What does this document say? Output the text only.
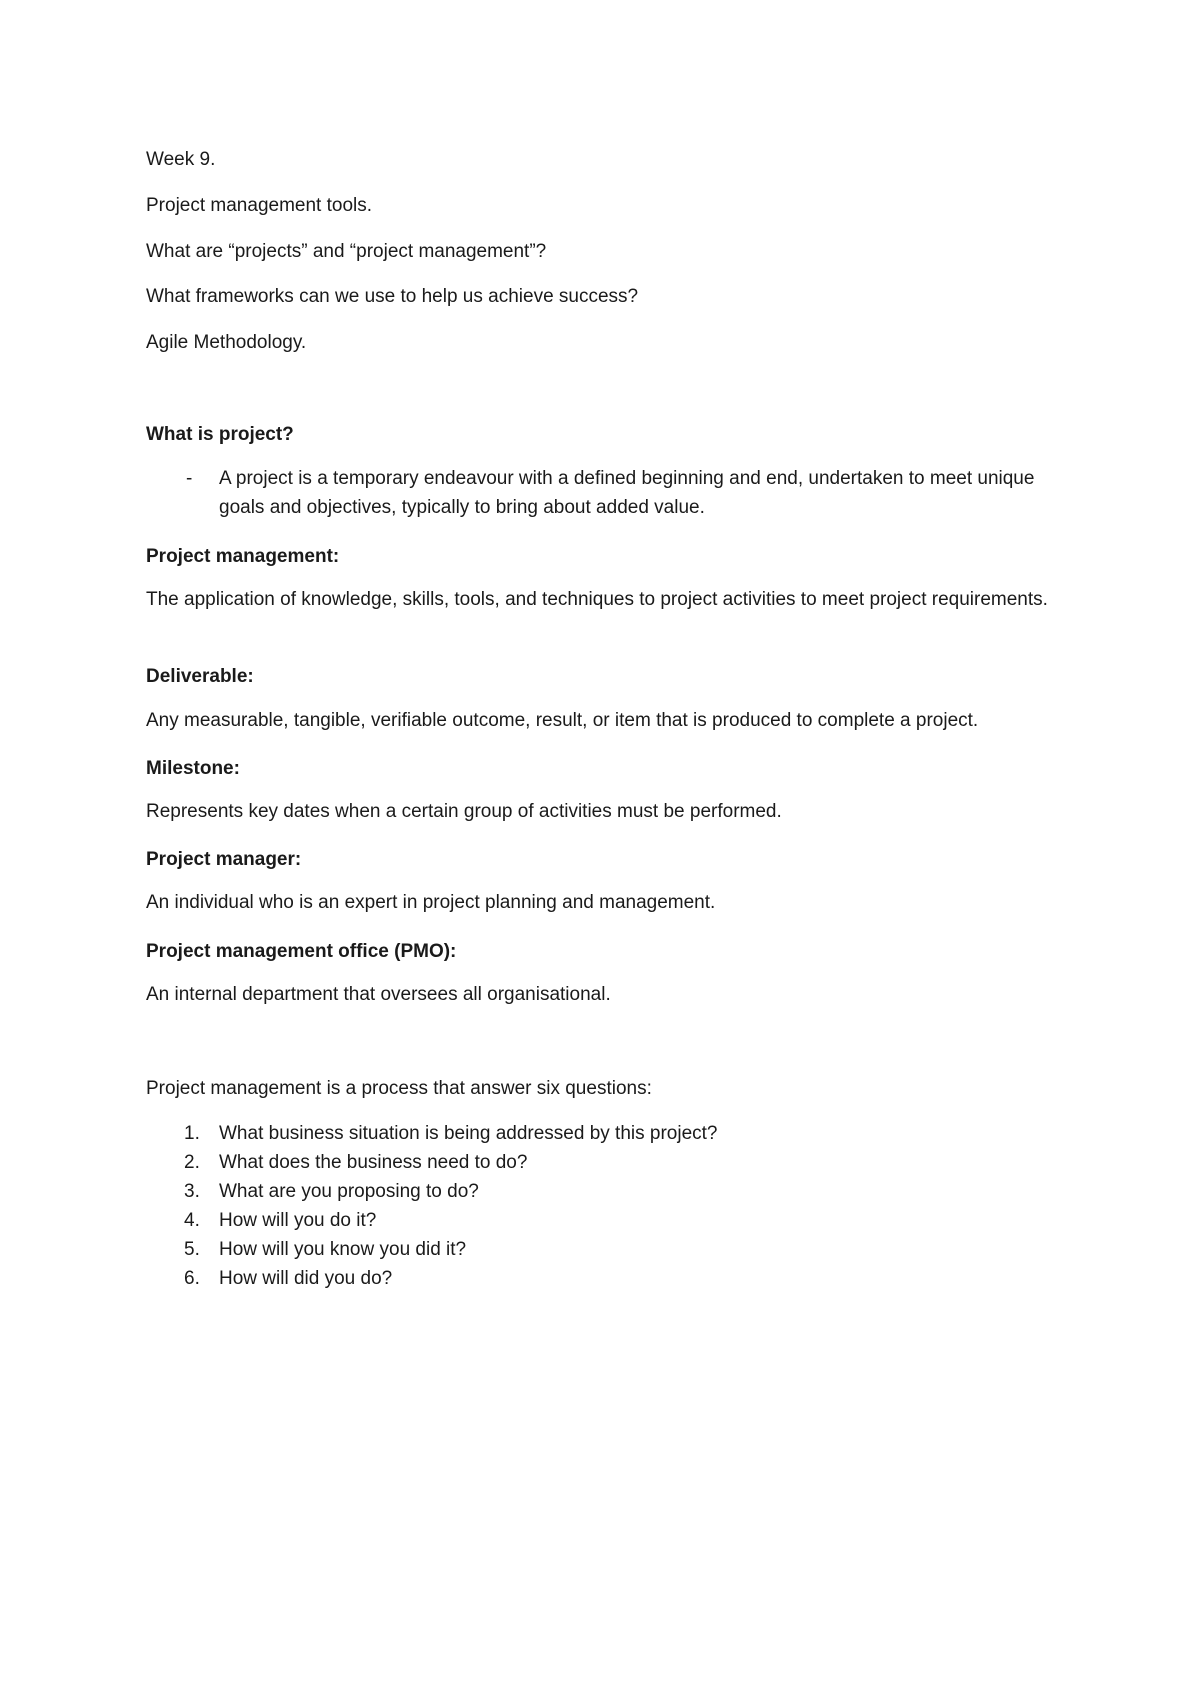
Week 9.
Project management tools.
What are “projects” and “project management”?
What frameworks can we use to help us achieve success?
Agile Methodology.
What is project?
- A project is a temporary endeavour with a defined beginning and end, undertaken to meet unique goals and objectives, typically to bring about added value.
Project management:
The application of knowledge, skills, tools, and techniques to project activities to meet project requirements.
Deliverable:
Any measurable, tangible, verifiable outcome, result, or item that is produced to complete a project.
Milestone:
Represents key dates when a certain group of activities must be performed.
Project manager:
An individual who is an expert in project planning and management.
Project management office (PMO):
An internal department that oversees all organisational.
Project management is a process that answer six questions:
1.	What business situation is being addressed by this project?
2.	What does the business need to do?
3.	What are you proposing to do?
4.	How will you do it?
5.	How will you know you did it?
6.	How will did you do?
